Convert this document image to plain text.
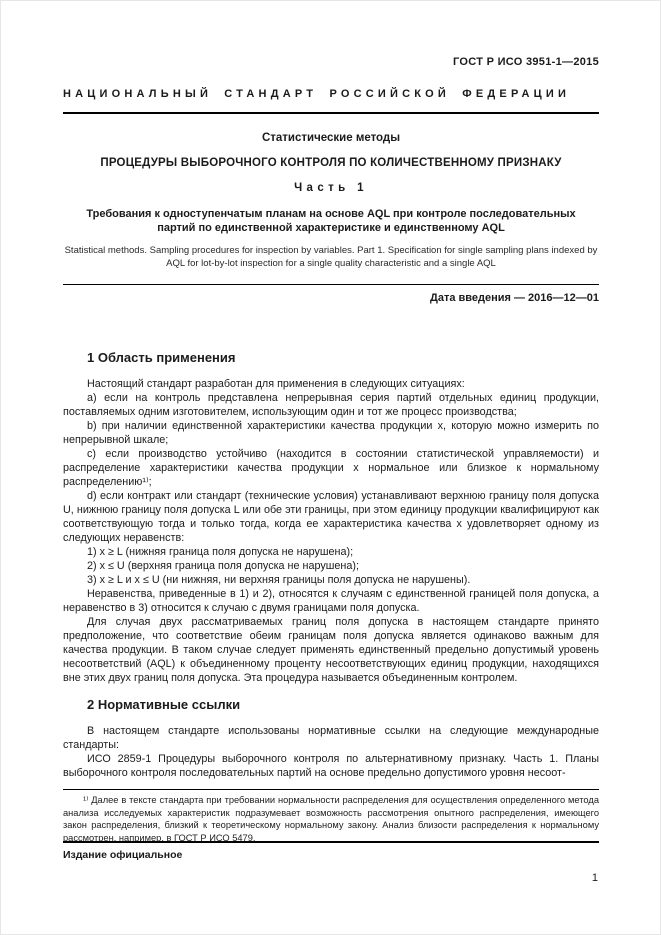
ГОСТ Р ИСО 3951-1—2015
НАЦИОНАЛЬНЫЙ СТАНДАРТ РОССИЙСКОЙ ФЕДЕРАЦИИ
Статистические методы
ПРОЦЕДУРЫ ВЫБОРОЧНОГО КОНТРОЛЯ ПО КОЛИЧЕСТВЕННОМУ ПРИЗНАКУ
Часть 1
Требования к одноступенчатым планам на основе AQL при контроле последовательных партий по единственной характеристике и единственному AQL
Statistical methods. Sampling procedures for inspection by variables. Part 1. Specification for single sampling plans indexed by AQL for lot-by-lot inspection for a single quality characteristic and a single AQL
Дата введения — 2016—12—01
1 Область применения

Настоящий стандарт разработан для применения в следующих ситуациях:

a) если на контроль представлена непрерывная серия партий отдельных единиц продукции, поставляемых одним изготовителем, использующим один и тот же процесс производства;

b) при наличии единственной характеристики качества продукции x, которую можно измерить по непрерывной шкале;

c) если производство устойчиво (находится в состоянии статистической управляемости) и распределение характеристики качества продукции x нормальное или близкое к нормальному распределению¹⁾;

d) если контракт или стандарт (технические условия) устанавливают верхнюю границу поля допуска U, нижнюю границу поля допуска L или обе эти границы, при этом единицу продукции квалифицируют как соответствующую тогда и только тогда, когда ее характеристика качества x удовлетворяет одному из следующих неравенств:

1) x ≥ L (нижняя граница поля допуска не нарушена);

2) x ≤ U (верхняя граница поля допуска не нарушена);

3) x ≥ L и x ≤ U (ни нижняя, ни верхняя границы поля допуска не нарушены).

Неравенства, приведенные в 1) и 2), относятся к случаям с единственной границей поля допуска, а неравенство в 3) относится к случаю с двумя границами поля допуска.

Для случая двух рассматриваемых границ поля допуска в настоящем стандарте принято предположение, что соответствие обеим границам поля допуска является одинаково важным для качества продукции. В таком случае следует применять единственный предельно допустимый уровень несоответствий (AQL) к объединенному проценту несоответствующих единиц продукции, находящихся вне этих двух границ поля допуска. Эта процедура называется объединенным контролем.

2 Нормативные ссылки

В настоящем стандарте использованы нормативные ссылки на следующие международные стандарты:

ИСО 2859-1 Процедуры выборочного контроля по альтернативному признаку. Часть 1. Планы выборочного контроля последовательных партий на основе предельно допустимого уровня несоот-

¹⁾ Далее в тексте стандарта при требовании нормальности распределения для осуществления определенного метода анализа исследуемых характеристик подразумевает возможность рассмотрения опытного распределения, имеющего закон распределения, близкий к теоретическому нормальному закону. Анализ близости распределения к нормальному рассмотрен, например, в ГОСТ Р ИСО 5479.

Издание официальное
1
